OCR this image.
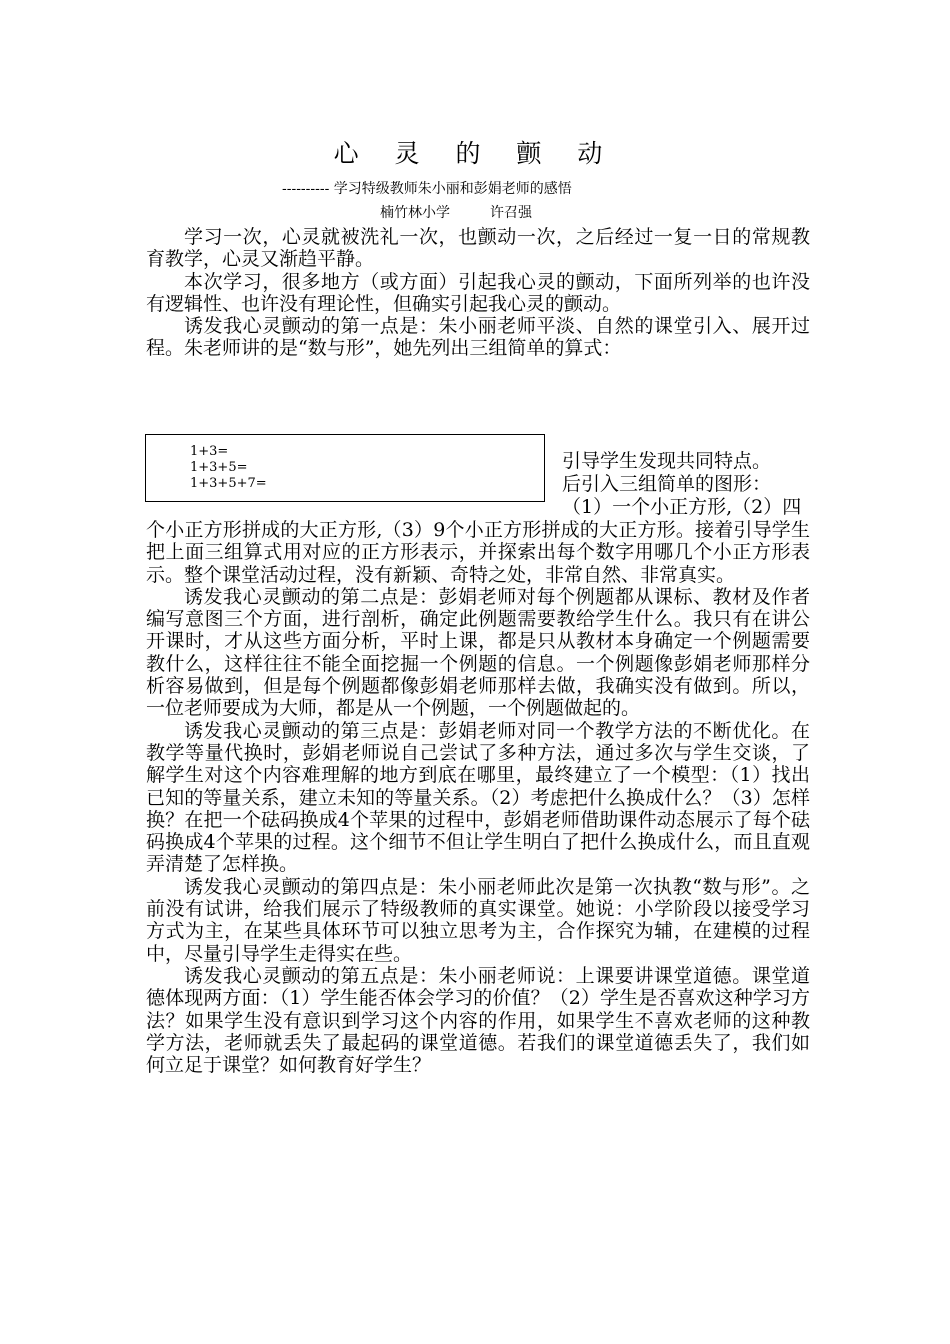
心 灵 的 颤 动
---------- 学习特级教师朱小丽和彭娟老师的感悟
楠竹林小学	许召强

学习一次，心灵就被洗礼一次，也颤动一次，之后经过一复一日的常规教育教学，心灵又渐趋平静。

本次学习，很多地方（或方面）引起我心灵的颤动，下面所列举的也许没有逻辑性、也许没有理论性，但确实引起我心灵的颤动。

诱发我心灵颤动的第一点是：朱小丽老师平淡、自然的课堂引入、展开过程。朱老师讲的是“数与形”，她先列出三组简单的算式：

1+3=
1+3+5=
1+3+5+7=
引导学生发现共同特点。
后引入三组简单的图形：
（1）一个小正方形,（2）四

个小正方形拼成的大正方形,（3）9个小正方形拼成的大正方形。接着引导学生把上面三组算式用对应的正方形表示，并探索出每个数字用哪几个小正方形表示。整个课堂活动过程，没有新颖、奇特之处，非常自然、非常真实。

诱发我心灵颤动的第二点是：彭娟老师对每个例题都从课标、教材及作者编写意图三个方面，进行剖析，确定此例题需要教给学生什么。我只有在讲公开课时，才从这些方面分析，平时上课，都是只从教材本身确定一个例题需要教什么，这样往往不能全面挖掘一个例题的信息。一个例题像彭娟老师那样分析容易做到，但是每个例题都像彭娟老师那样去做，我确实没有做到。所以，一位老师要成为大师，都是从一个例题，一个例题做起的。

诱发我心灵颤动的第三点是：彭娟老师对同一个教学方法的不断优化。在教学等量代换时，彭娟老师说自己尝试了多种方法，通过多次与学生交谈，了解学生对这个内容难理解的地方到底在哪里，最终建立了一个模型：（1）找出已知的等量关系，建立未知的等量关系。（2）考虑把什么换成什么？（3）怎样换？在把一个砝码换成4个苹果的过程中，彭娟老师借助课件动态展示了每个砝码换成4个苹果的过程。这个细节不但让学生明白了把什么换成什么，而且直观弄清楚了怎样换。

诱发我心灵颤动的第四点是：朱小丽老师此次是第一次执教“数与形”。之前没有试讲，给我们展示了特级教师的真实课堂。她说：小学阶段以接受学习方式为主，在某些具体环节可以独立思考为主，合作探究为辅，在建模的过程中，尽量引导学生走得实在些。

诱发我心灵颤动的第五点是：朱小丽老师说：上课要讲课堂道德。课堂道德体现两方面：（1）学生能否体会学习的价值？（2）学生是否喜欢这种学习方法？如果学生没有意识到学习这个内容的作用，如果学生不喜欢老师的这种教学方法，老师就丢失了最起码的课堂道德。若我们的课堂道德丢失了，我们如何立足于课堂？如何教育好学生？
